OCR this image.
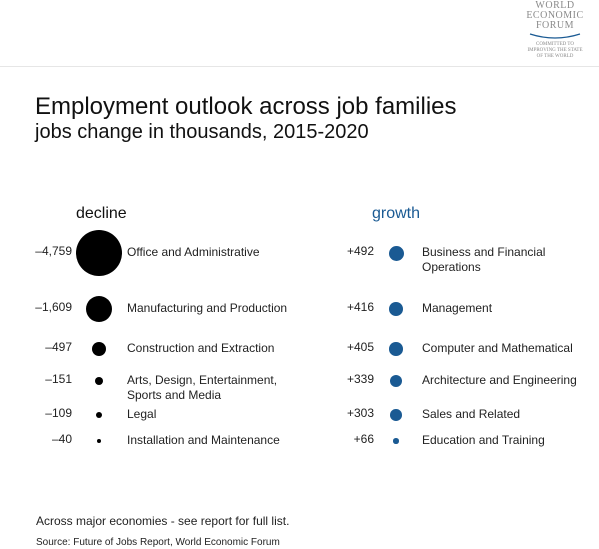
WORLD
ECONOMIC
FORUM
COMMITTED TO
IMPROVING THE STATE
OF THE WORLD
Employment outlook across job families
jobs change in thousands, 2015-2020
decline	growth
Across major economies - see report for full list.
Source: Future of Jobs Report, World Economic Forum
–4,759	Office and Administrative
–1,609	Manufacturing and Production
–497	Construction and Extraction
–151	Arts, Design, Entertainment, Sports and Media
–109	Legal
–40	Installation and Maintenance
+492	Business and Financial Operations
+416	Management
+405	Computer and Mathematical
+339	Architecture and Engineering
+303	Sales and Related
+66	Education and Training
